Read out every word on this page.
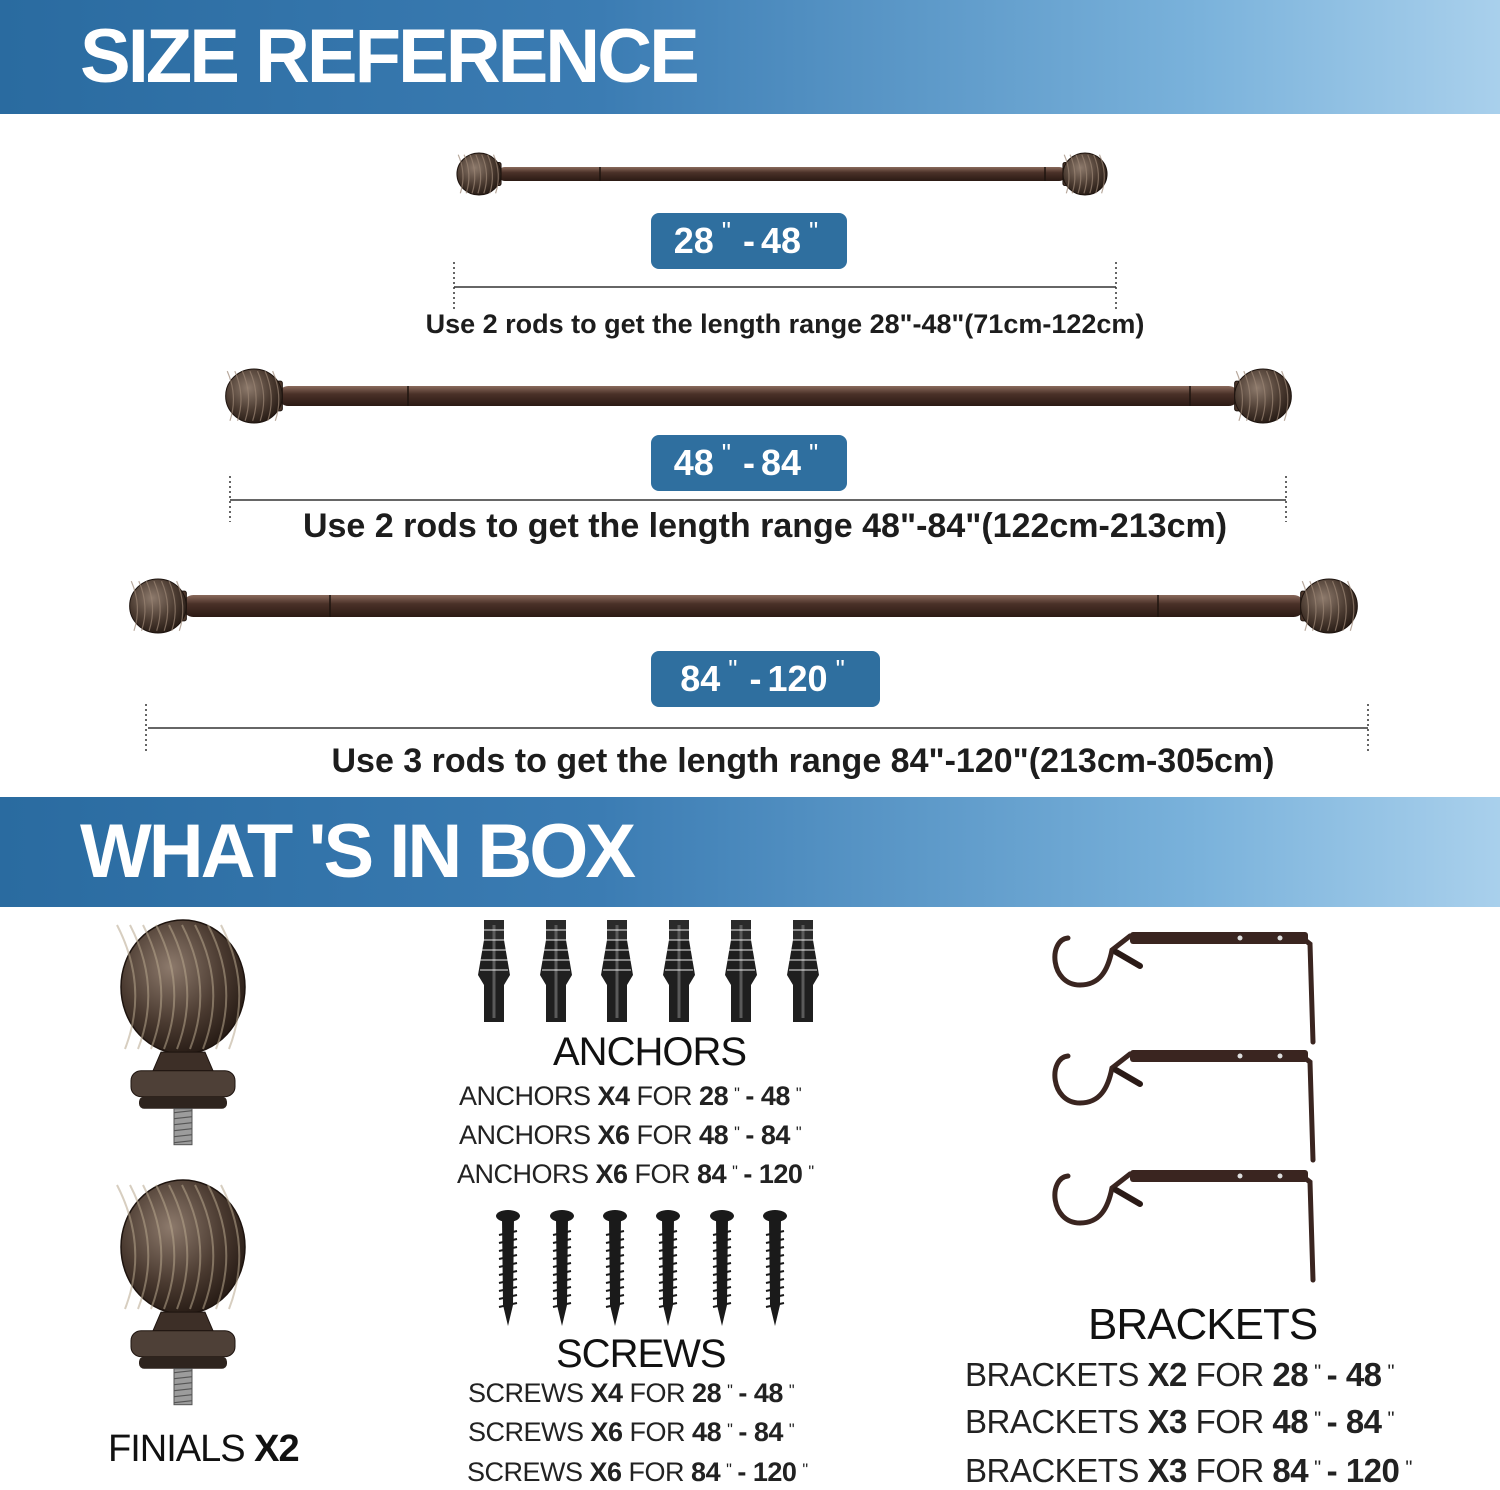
SIZE REFERENCE
28 " - 48 "
Use 2 rods to get the length range 28"-48"(71cm-122cm)
48 " - 84 "
Use 2 rods to get the length range 48"-84"(122cm-213cm)
84 " - 120 "
Use 3 rods to get the length range 84"-120"(213cm-305cm)
WHAT 'S IN BOX
FINIALS X2
ANCHORS
ANCHORS X4 FOR 28 " - 48 "
ANCHORS X6 FOR 48 " - 84 "
ANCHORS X6 FOR 84 " - 120 "
SCREWS
SCREWS X4 FOR 28 " - 48 "
SCREWS X6 FOR 48 " - 84 "
SCREWS X6 FOR 84 " - 120 "
BRACKETS
BRACKETS X2 FOR 28 " - 48 "
BRACKETS X3 FOR 48 " - 84 "
BRACKETS X3 FOR 84 " - 120 "
